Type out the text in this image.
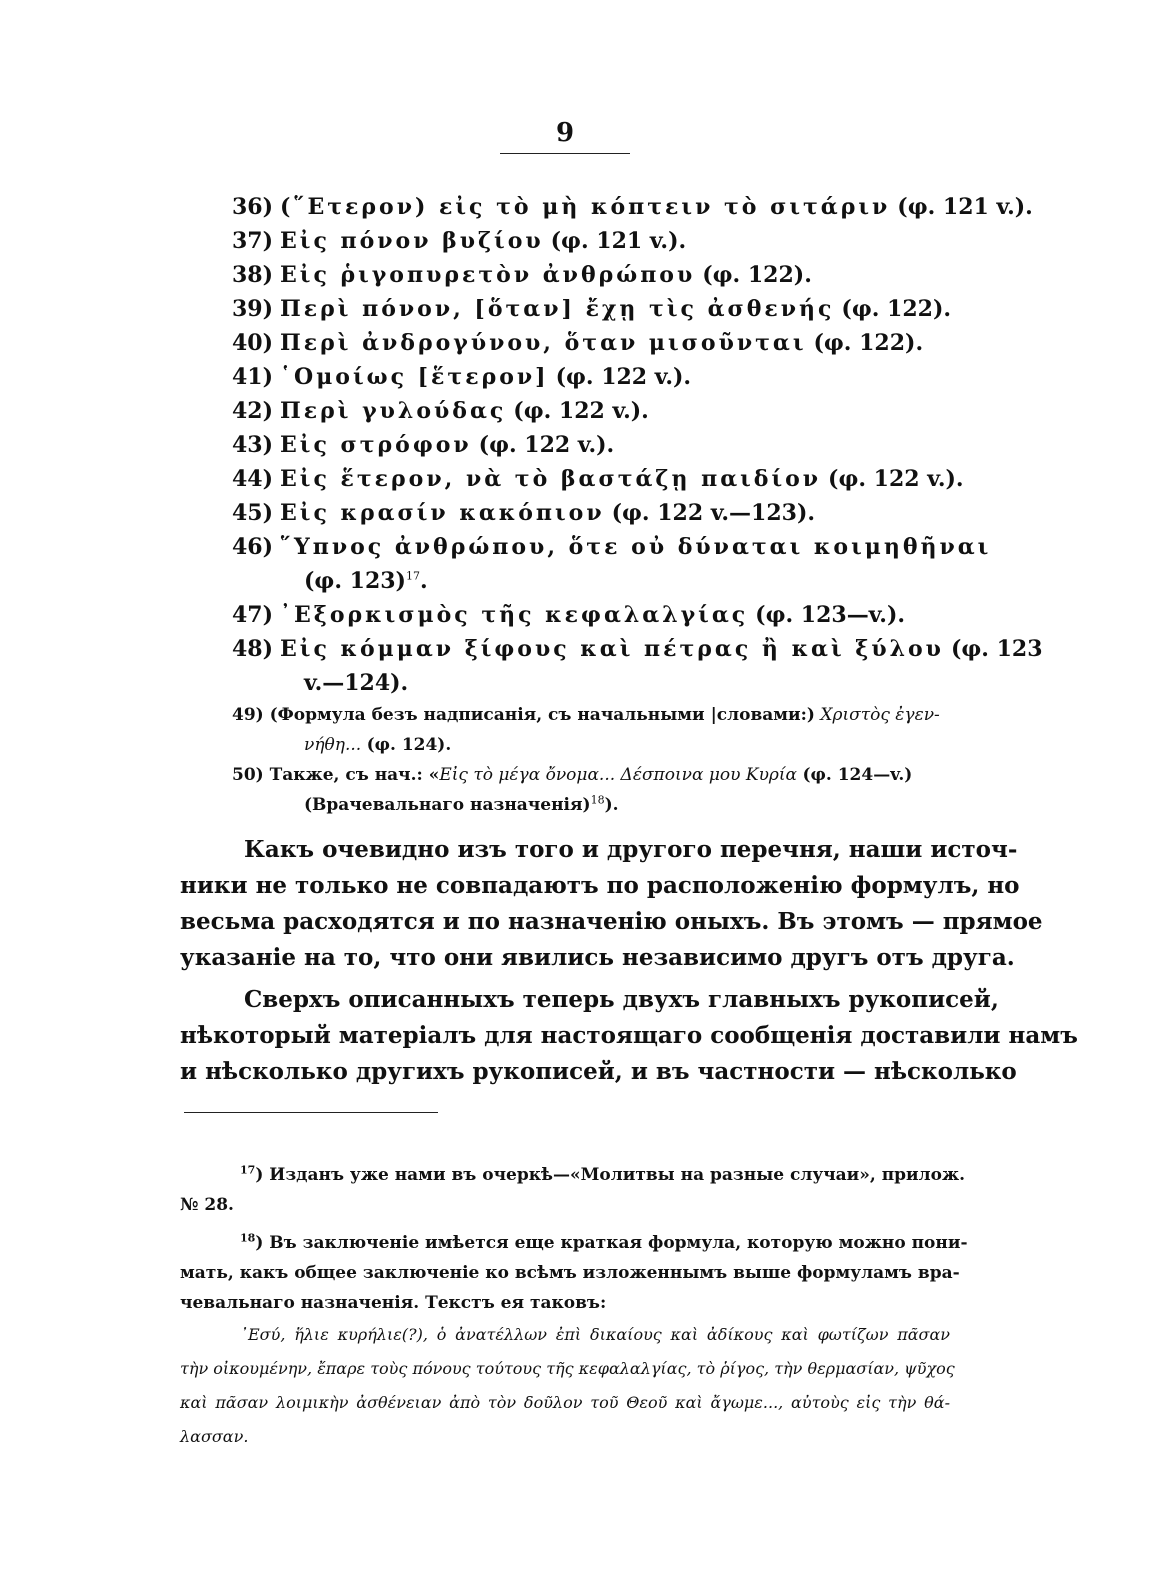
9
36) (῞Ετερον) εἰς τὸ μὴ κόπτειν τὸ σιτάριν (φ. 121 v.).
37) Εἰς πόνον βυζίου (φ. 121 v.).
38) Εἰς ῥιγοπυρετὸν ἀνθρώπου (φ. 122).
39) Περὶ πόνον, [ὅταν] ἔχῃ τὶς ἀσθενής (φ. 122).
40) Περὶ ἀνδρογύνου, ὅταν μισοῦνται (φ. 122).
41) ῾Ομοίως [ἕτερον] (φ. 122 v.).
42) Περὶ γυλούδας (φ. 122 v.).
43) Εἰς στρόφον (φ. 122 v.).
44) Εἰς ἕτερον, νὰ τὸ βαστάζῃ παιδίον (φ. 122 v.).
45) Εἰς κρασίν κακόπιον (φ. 122 v.—123).
46) ῞Υπνος ἀνθρώπου, ὅτε οὐ δύναται κοιμηθῆναι
(φ. 123)$^{17}$.
47) ᾿Εξορκισμὸς τῆς κεφαλαλγίας (φ. 123—v.).
48) Εἰς κόμμαν ξίφους καὶ πέτρας ἢ καὶ ξύλου (φ. 123
v.—124).
49) (Формула безъ надписанія, съ начальными |словами:) Χριστὸς ἐγεν-
νήθη... (φ. 124).
50) Также, съ нач.: «Εἰς τὸ μέγα ὄνομα... Δέσποινα μου Κυρία (φ. 124—v.)
(Врачевальнаго назначенія)$^{18}$).
Какъ очевидно изъ того и другого перечня, наши источ-
ники не только не совпадаютъ по расположенію формулъ, но
весьма расходятся и по назначенію оныхъ. Въ этомъ — прямое
указаніе на то, что они явились независимо другъ отъ друга.
Сверхъ описанныхъ теперь двухъ главныхъ рукописей,
нѣкоторый матеріалъ для настоящаго сообщенія доставили намъ
и нѣсколько другихъ рукописей, и въ частности — нѣсколько
$^{17}$) Изданъ уже нами въ очеркѣ—«Молитвы на разные случаи», прилож.
№ 28.
$^{18}$) Въ заключеніе имѣется еще краткая формула, которую можно пони-
мать, какъ общее заключеніе ко всѣмъ изложеннымъ выше формуламъ вра-
чевальнаго назначенія. Текстъ ея таковъ:
᾿Εσύ, ἥλιε κυρήλιε(?), ὁ ἀνατέλλων ἐπὶ δικαίους καὶ ἀδίκους καὶ φωτίζων πᾶσαν
τὴν οἰκουμένην, ἔπαρε τοὺς πόνους τούτους τῆς κεφαλαλγίας, τὸ ῥίγος, τὴν θερμασίαν, ψῦχος
καὶ πᾶσαν λοιμικὴν ἀσθένειαν ἀπὸ τὸν δοῦλον τοῦ Θεοῦ καὶ ἄγωμε..., αὐτοὺς εἰς τὴν θά-
λασσαν.
